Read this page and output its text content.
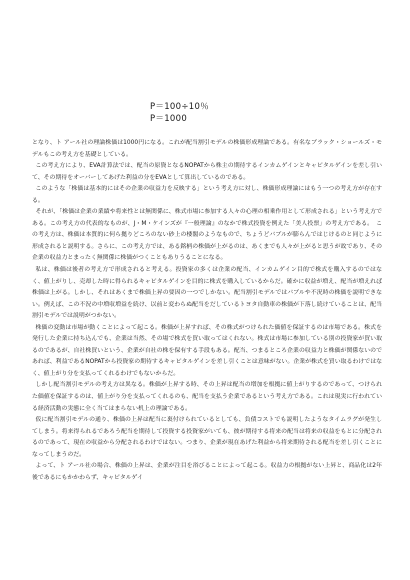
P＝100÷10％
P＝1000

となり、ト アール社の理論株価は1000円になる。これが配当割引モデルの株価形成理論である。有名なブラック・ショールズ・モデルもこの考え方を基礎としている。

この考え方により、EVA計算法では、配当の原資となるNOPATから株主の期待するインカムゲインとキャピタルゲインを差し引いて、その期待をオーバーしてあげた利益の分をEVAとして算出しているのである。

このような「株価は基本的にはその企業の収益力を反映する」という考え方に対し、株価形成理論にはもう一つの考え方が存在する。

それが、「株価は企業の業績や将来性とは無関係に、株式市場に参加する人々の心理の相乗作用として形成される」という考え方である。この考え方の代表的なものが、J・M・ケインズが『一般理論』のなかで株式投資を例えた「美人投票」の考え方である。　この考え方は、株価は本質的に何ら拠りどころのない砂上の楼閣のようなもので、ちょうどバブルが膨らんではじけるのと同じように形成されると説明する。さらに、この考え方では、ある銘柄の株価が上がるのは、あくまでも人々が上がると思うが故であり、その企業の収益力とまったく無関係に株価がつくこともありうることになる。

私は、株価は後者の考え方で形成されると考える。投資家の多くは企業の配当、インカムゲイン目的で株式を購入するのではなく、値上がりし、売却した時に得られるキャピタルゲインを目的に株式を購入しているからだ。確かに収益が増え、配当が増えれば株価は上がる。しかし、それはあくまで株価上昇の要因の一つでしかない。配当割引モデルではバブルや不況時の株価を説明できない。例えば、この不況の中増収増益を続け、以前と変わらぬ配当をだしているトヨタ自動車の株価が下落し続けていることは、配当割引モデルでは説明がつかない。

株価の変動は市場が動くことによって起こる。株価が上昇すれば、その株式がつけられた価値を保証するのは市場である。株式を発行した企業に持ち込んでも、企業は当然、その場で株式を買い取ってはくれない。株式は市場に参加している別の投資家が買い取るのであるが、自社株買いという、企業が自社の株を保有する手段もある。配当、つまるところ企業の収益力と株価が関係ないのであれば、利益であるNOPATから投資家の期待するキャピタルゲインを差し引くことは意味がない。企業が株式を買い取るわけではなく、値上がり分を支払ってくれるわけでもないからだ。

しかし配当割引モデルの考え方は異なる。株価が上昇する時、その上昇は配当の増加を根拠に値上がりするのであって、つけられた価値を保証するのは、値上がり分を支払ってくれるのも、配当を支払う企業であるという考え方である。これは現実に行われている経済活動の実態に全く当てはまらない机上の理論である。

仮に配当割引モデルの通り、株価の上昇は配当に裏付けられているとしても、負債コストでも説明したようなタイムラグが発生してしまう。将来得られるであろう配当を期待して投資する投資家がいても、彼が期待する将来の配当は将来の収益をもとに分配されるのであって、現在の収益から分配されるわけではない。つまり、企業が現在あげた利益から将来期待される配当を差し引くことになってしまうのだ。

よって、ト アール社の場合、株価の上昇は、企業が注目を浴びることによって起こる。収益力の根拠がない上昇と、商品化は2年後であるにもかかわらず、キャピタルゲイ
